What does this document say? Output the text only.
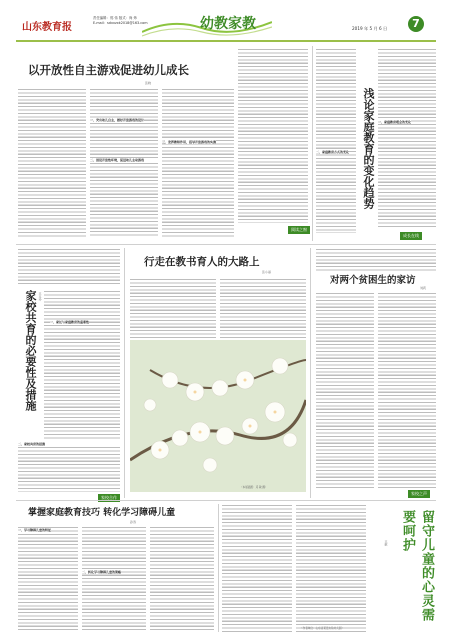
山东教育报
责任编辑：郭 伟 版式：尚 炜
E-mail：sdxxzxk2018@163.com	幼教家教	2019 年 5 月 6 日	7
以开放性自主游戏促进幼儿成长
张晓
一、突出幼儿自主，做好开放游戏的设计
二、创设开放性环境，促进幼儿主动游戏
三、发挥教师作用，指导开放游戏的实施
阅读之窗
浅论家庭教育的变化趋势	一、家庭教育理念的变化
二、家庭教育方式的变化
成长在线
家校共育的必要性及措施 王玉玲
一、家长与家庭教育的重要性
二、家校共育的措施
家校合作
行走在教书育人的大路上
张小丽
（本版插图：邓 敏 摄）
对两个贫困生的家访
刘莉
家校之声
掌握家庭教育技巧 转化学习障碍儿童
孙涛
一、学习障碍儿童的特征
二、转化学习障碍儿童的策略	留守儿童的心灵需要呵护
王敏
（作者单位：山东省某县实验幼儿园）
